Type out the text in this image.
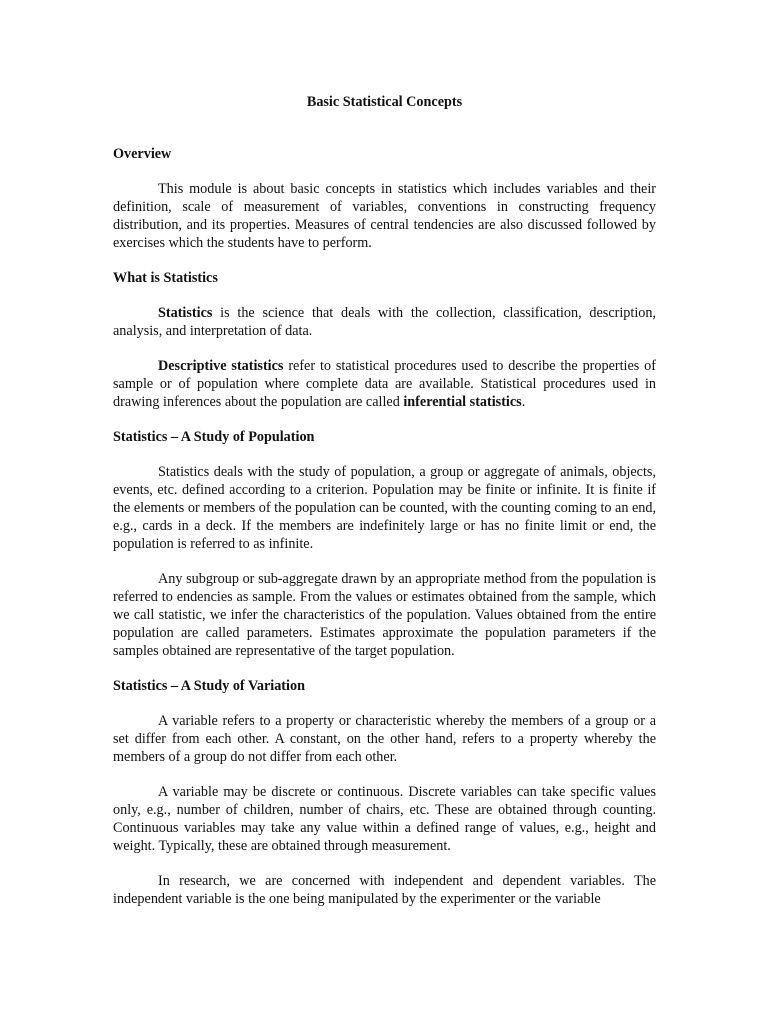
Basic Statistical Concepts
Overview

This module is about basic concepts in statistics which includes variables and their definition, scale of measurement of variables, conventions in constructing frequency distribution, and its properties. Measures of central tendencies are also discussed followed by exercises which the students have to perform.

What is Statistics

Statistics is the science that deals with the collection, classification, description, analysis, and interpretation of data.

Descriptive statistics refer to statistical procedures used to describe the properties of sample or of population where complete data are available. Statistical procedures used in drawing inferences about the population are called inferential statistics.

Statistics – A Study of Population

Statistics deals with the study of population, a group or aggregate of animals, objects, events, etc. defined according to a criterion. Population may be finite or infinite. It is finite if the elements or members of the population can be counted, with the counting coming to an end, e.g., cards in a deck. If the members are indefinitely large or has no finite limit or end, the population is referred to as infinite.

Any subgroup or sub-aggregate drawn by an appropriate method from the population is referred to endencies as sample. From the values or estimates obtained from the sample, which we call statistic, we infer the characteristics of the population. Values obtained from the entire population are called parameters. Estimates approximate the population parameters if the samples obtained are representative of the target population.

Statistics – A Study of Variation

A variable refers to a property or characteristic whereby the members of a group or a set differ from each other. A constant, on the other hand, refers to a property whereby the members of a group do not differ from each other.

A variable may be discrete or continuous. Discrete variables can take specific values only, e.g., number of children, number of chairs, etc. These are obtained through counting. Continuous variables may take any value within a defined range of values, e.g., height and weight. Typically, these are obtained through measurement.

In research, we are concerned with independent and dependent variables. The independent variable is the one being manipulated by the experimenter or the variable
